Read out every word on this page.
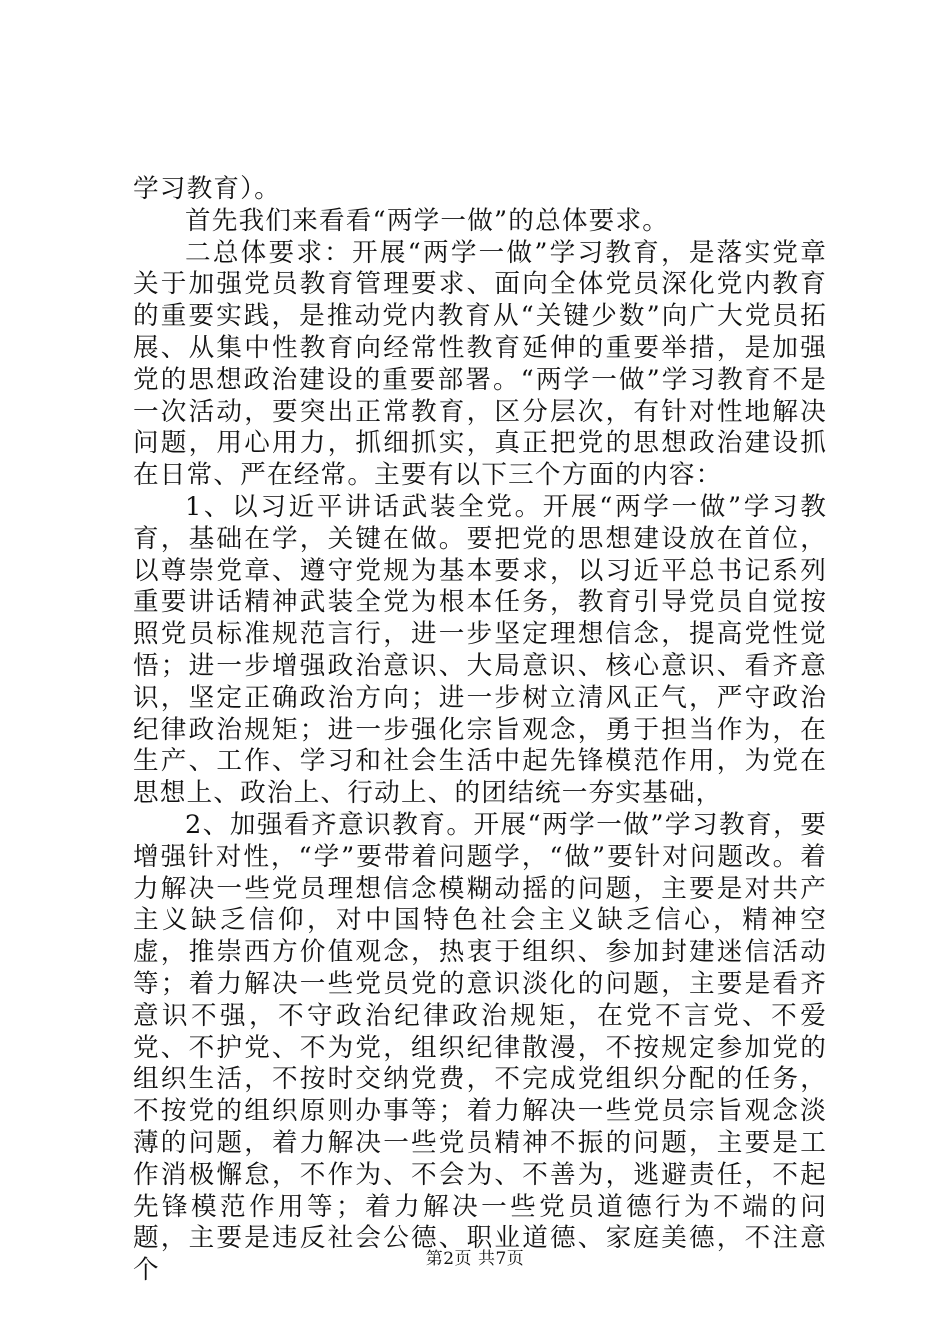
学习教育）。

首先我们来看看“两学一做”的总体要求。

二总体要求：开展“两学一做”学习教育，是落实党章关于加强党员教育管理要求、面向全体党员深化党内教育的重要实践，是推动党内教育从“关键少数”向广大党员拓展、从集中性教育向经常性教育延伸的重要举措，是加强党的思想政治建设的重要部署。“两学一做”学习教育不是一次活动，要突出正常教育，区分层次，有针对性地解决问题，用心用力，抓细抓实，真正把党的思想政治建设抓在日常、严在经常。主要有以下三个方面的内容：

1、以习近平讲话武装全党。开展“两学一做”学习教育，基础在学，关键在做。要把党的思想建设放在首位，以尊崇党章、遵守党规为基本要求，以习近平总书记系列重要讲话精神武装全党为根本任务，教育引导党员自觉按照党员标准规范言行，进一步坚定理想信念，提高党性觉悟；进一步增强政治意识、大局意识、核心意识、看齐意识，坚定正确政治方向；进一步树立清风正气，严守政治纪律政治规矩；进一步强化宗旨观念，勇于担当作为，在生产、工作、学习和社会生活中起先锋模范作用，为党在思想上、政治上、行动上、的团结统一夯实基础，

2、加强看齐意识教育。开展“两学一做”学习教育，要增强针对性，“学”要带着问题学，“做”要针对问题改。着力解决一些党员理想信念模糊动摇的问题，主要是对共产主义缺乏信仰，对中国特色社会主义缺乏信心，精神空虚，推崇西方价值观念，热衷于组织、参加封建迷信活动等；着力解决一些党员党的意识淡化的问题，主要是看齐意识不强，不守政治纪律政治规矩，在党不言党、不爱党、不护党、不为党，组织纪律散漫，不按规定参加党的组织生活，不按时交纳党费，不完成党组织分配的任务，不按党的组织原则办事等；着力解决一些党员宗旨观念淡薄的问题，着力解决一些党员精神不振的问题，主要是工作消极懈怠，不作为、不会为、不善为，逃避责任，不起先锋模范作用等；着力解决一些党员道德行为不端的问题，主要是违反社会公德、职业道德、家庭美德，不注意个	第2页 共7页
